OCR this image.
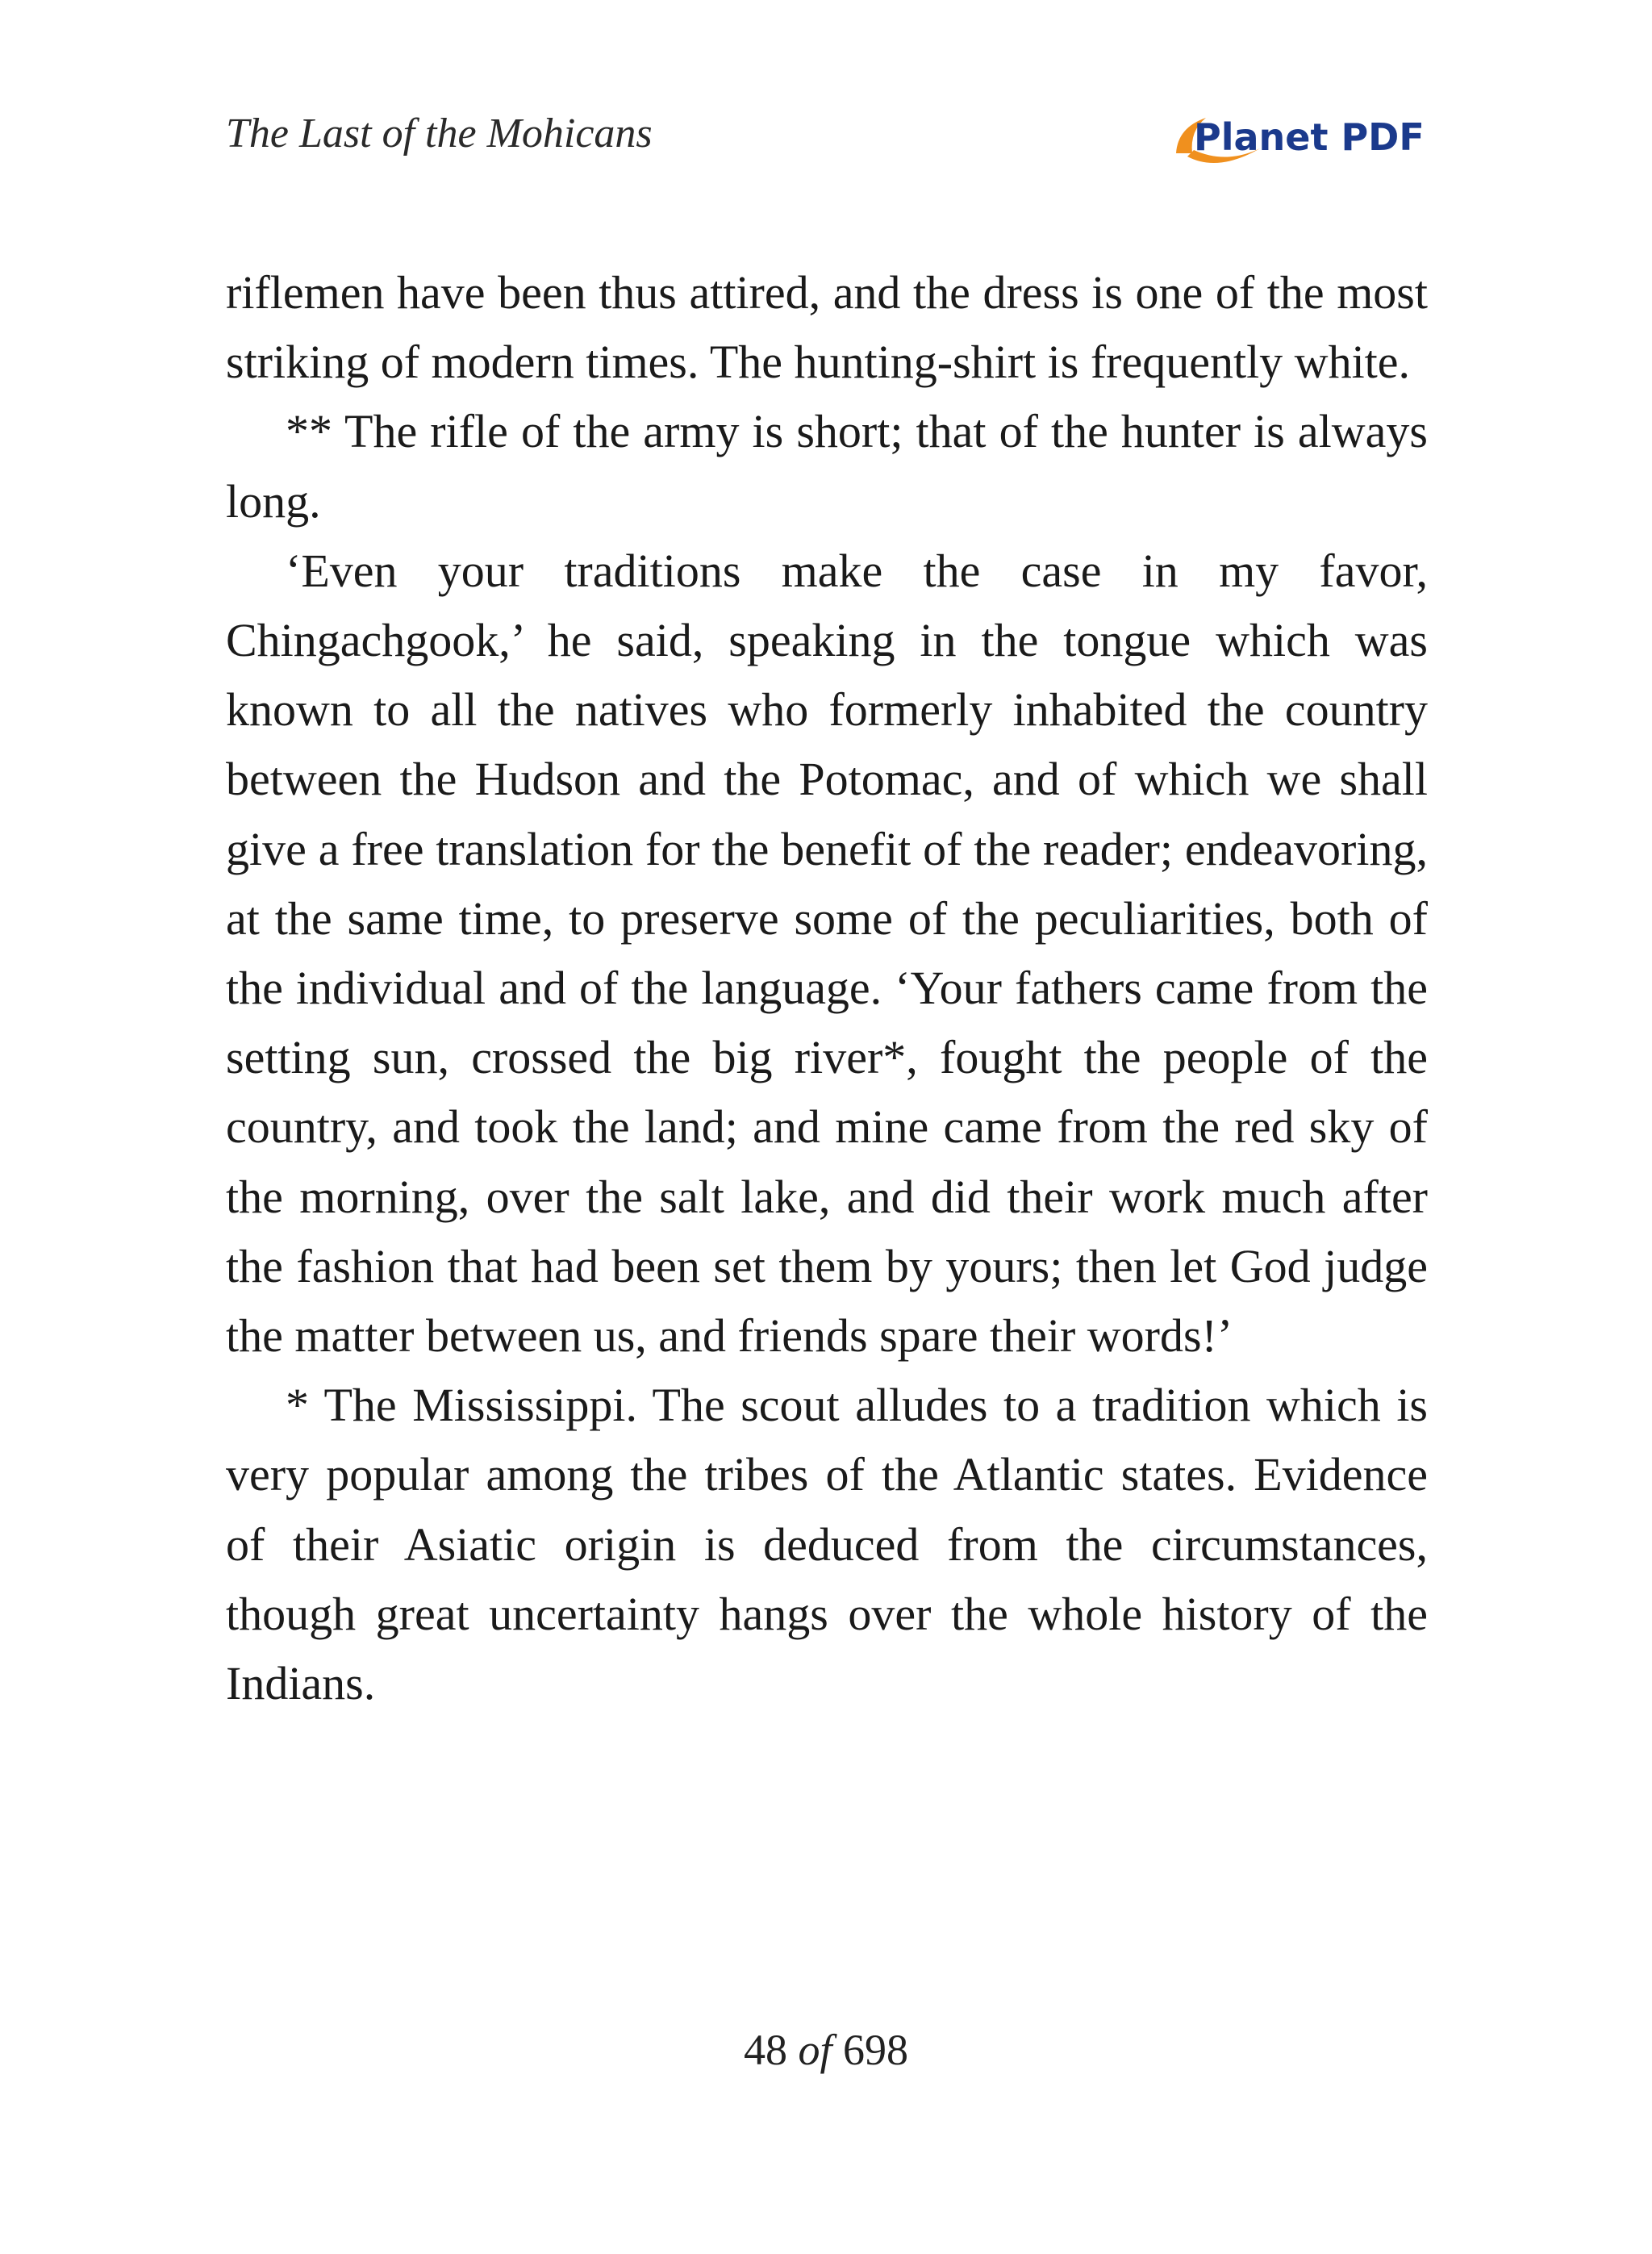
The Last of the Mohicans	Planet PDF

riflemen have been thus attired, and the dress is one of the most striking of modern times. The hunting-shirt is frequently white.

** The rifle of the army is short; that of the hunter is always long.

‘Even your traditions make the case in my favor, Chingachgook,’ he said, speaking in the tongue which was known to all the natives who formerly inhabited the country between the Hudson and the Potomac, and of which we shall give a free translation for the benefit of the reader; endeavoring, at the same time, to preserve some of the peculiarities, both of the individual and of the language. ‘Your fathers came from the setting sun, crossed the big river*, fought the people of the country, and took the land; and mine came from the red sky of the morning, over the salt lake, and did their work much after the fashion that had been set them by yours; then let God judge the matter between us, and friends spare their words!’

* The Mississippi. The scout alludes to a tradition which is very popular among the tribes of the Atlantic states. Evidence of their Asiatic origin is deduced from the circumstances, though great uncertainty hangs over the whole history of the Indians.

48 of 698
